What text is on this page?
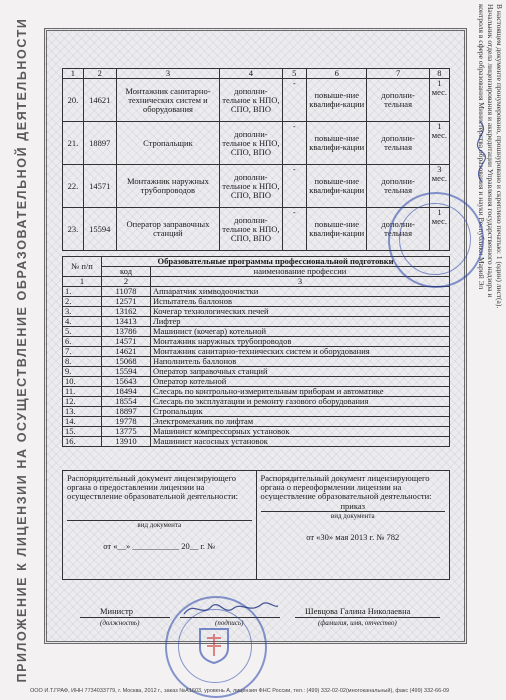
ПРИЛОЖЕНИЕ К ЛИЦЕНЗИИ НА ОСУЩЕСТВЛЕНИЕ ОБРАЗОВАТЕЛЬНОЙ ДЕЯТЕЛЬНОСТИ	В настоящем документе пронумеровано, прошнуровано и скреплено печатью: 1 (один) лист(а). Начальник отдела лицензирования и аккредитации Управления государственного надзора и контроля в сфере образования Министерства образования и науки Республики Марий Эл
1	2	3	4	5	6	7	8
20.	14621	Монтажник санитарно-технических систем и оборудования	дополни-тельное к НПО, СПО, ВПО	-	повыше-ние квалифи-кации	дополни-тельная	1 мес.
21.	18897	Стропальщик	дополни-тельное к НПО, СПО, ВПО	-	повыше-ние квалифи-кации	дополни-тельная	1 мес.
22.	14571	Монтажник наружных трубопроводов	дополни-тельное к НПО, СПО, ВПО	-	повыше-ние квалифи-кации	дополни-тельная	3 мес.
23.	15594	Оператор заправочных станций	дополни-тельное к НПО, СПО, ВПО	-	повыше-ние квалифи-кации	дополни-тельная	1 мес.
№ п/п	Образовательные программы профессиональной подготовки	
	код	наименование профессии
1	2	3
1.	11078	Аппаратчик химводоочистки
2.	12571	Испытатель баллонов
3.	13162	Кочегар технологических печей
4.	13413	Лифтер
5.	13786	Машинист (кочегар) котельной
6.	14571	Монтажник наружных трубопроводов
7.	14621	Монтажник санитарно-технических систем и оборудования
8.	15068	Наполнитель баллонов
9.	15594	Оператор заправочных станций
10.	15643	Оператор котельной
11.	18494	Слесарь по контрольно-измерительным приборам и автоматике
12.	18554	Слесарь по эксплуатации и ремонту газового оборудования
13.	18897	Стропальщик
14.	19778	Электромеханик по лифтам
15.	13775	Машинист компрессорных установок
16.	13910	Машинист насосных установок
Распорядительный документ лицензирующего органа о предоставлении лицензии на осуществление образовательной деятельности:
вид документа
от «__» ___________ 20__ г. №

Распорядительный документ лицензирующего органа о переоформлении лицензии на осуществление образовательной деятельности:
приказ
вид документа
от «30» мая 2013 г. № 782
Министр
(должность)	(подпись)
Шевцова Галина Николаевна
(фамилия, имя, отчество)
ООО И.Т.ГРАФ, ИНН 7734033779, г. Москва, 2012 г., заказ №А1603, уровень А, лицензия ФНС России, тел.: (499) 332-02-02(многоканальный), факс (499) 332-66-09
